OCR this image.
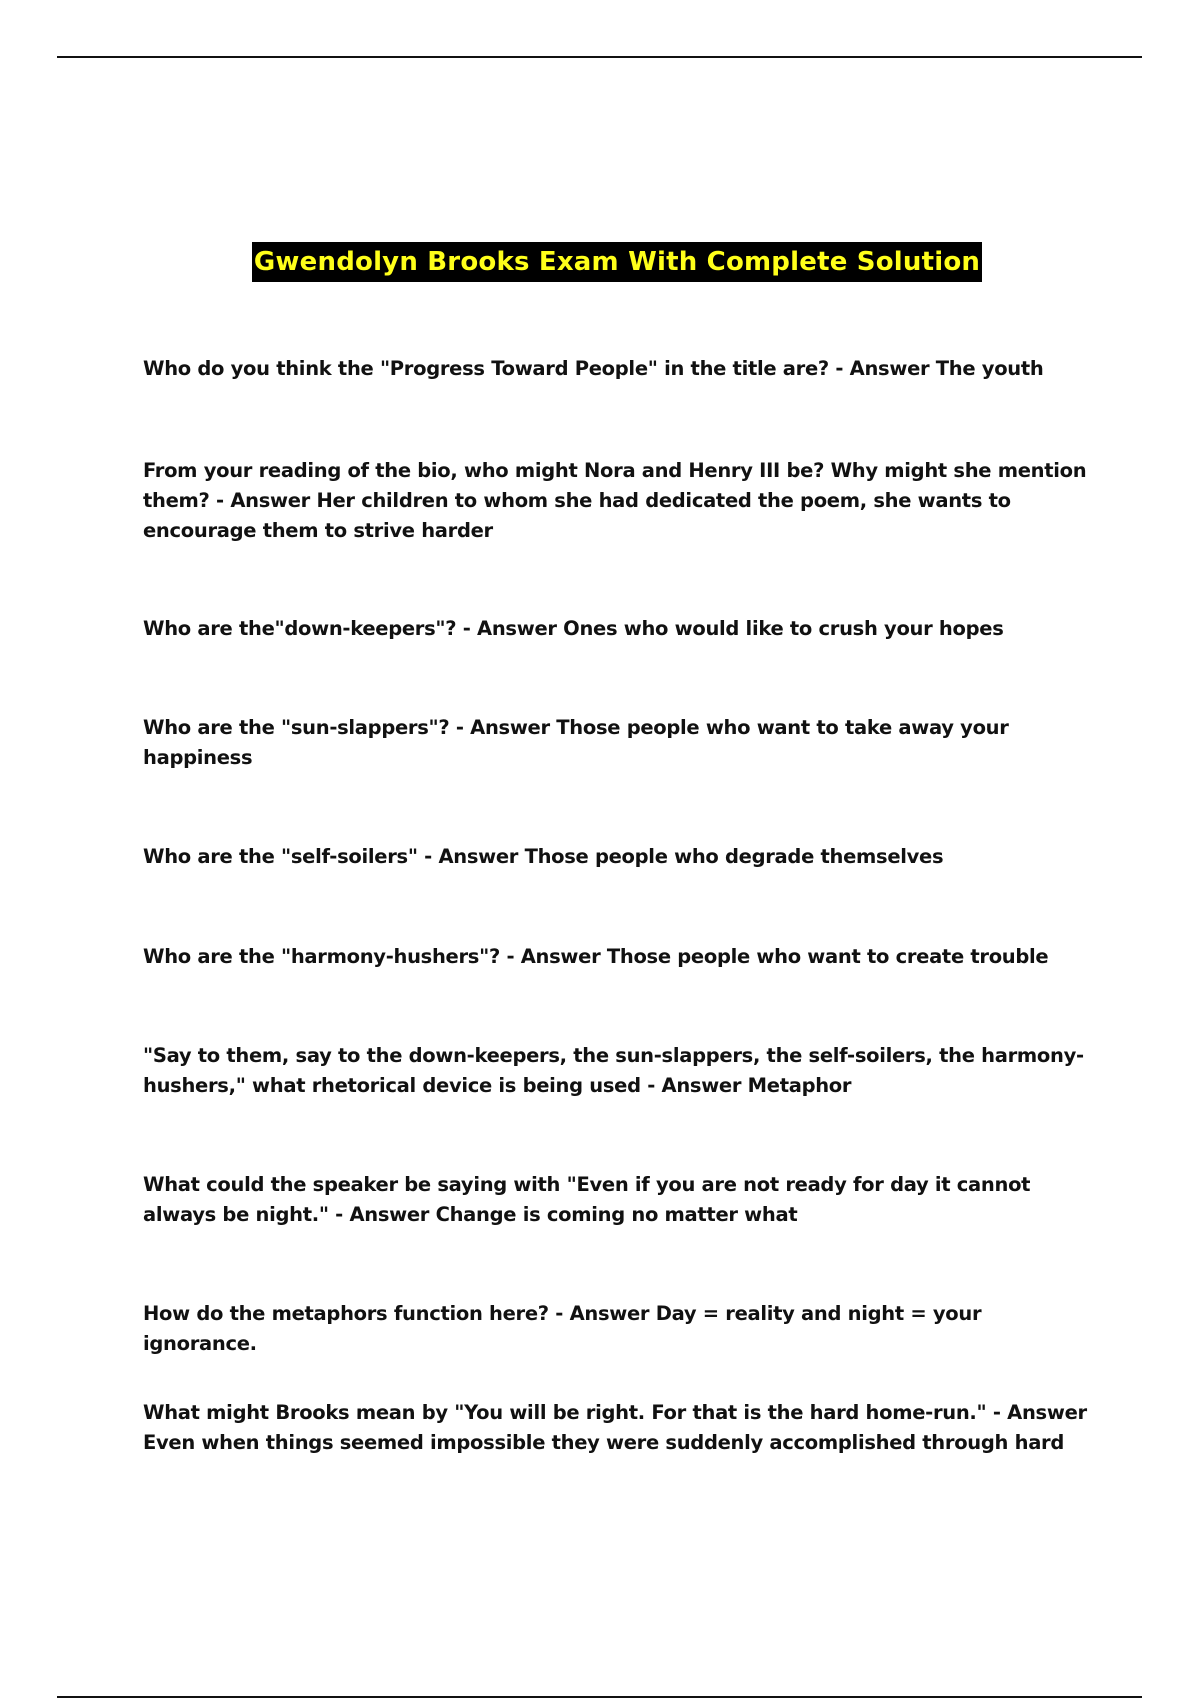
Gwendolyn Brooks Exam With Complete Solution

Who do you think the "Progress Toward People" in the title are? - Answer The youth

From your reading of the bio, who might Nora and Henry III be? Why might she mention them? - Answer Her children to whom she had dedicated the poem, she wants to encourage them to strive harder

Who are the"down-keepers"? - Answer Ones who would like to crush your hopes

Who are the "sun-slappers"? - Answer Those people who want to take away your happiness

Who are the "self-soilers" - Answer Those people who degrade themselves

Who are the "harmony-hushers"? - Answer Those people who want to create trouble

"Say to them, say to the down-keepers, the sun-slappers, the self-soilers, the harmony-hushers," what rhetorical device is being used - Answer Metaphor

What could the speaker be saying with "Even if you are not ready for day it cannot always be night." - Answer Change is coming no matter what

How do the metaphors function here? - Answer Day = reality and night = your ignorance.

What might Brooks mean by "You will be right. For that is the hard home-run." - Answer Even when things seemed impossible they were suddenly accomplished through hard
